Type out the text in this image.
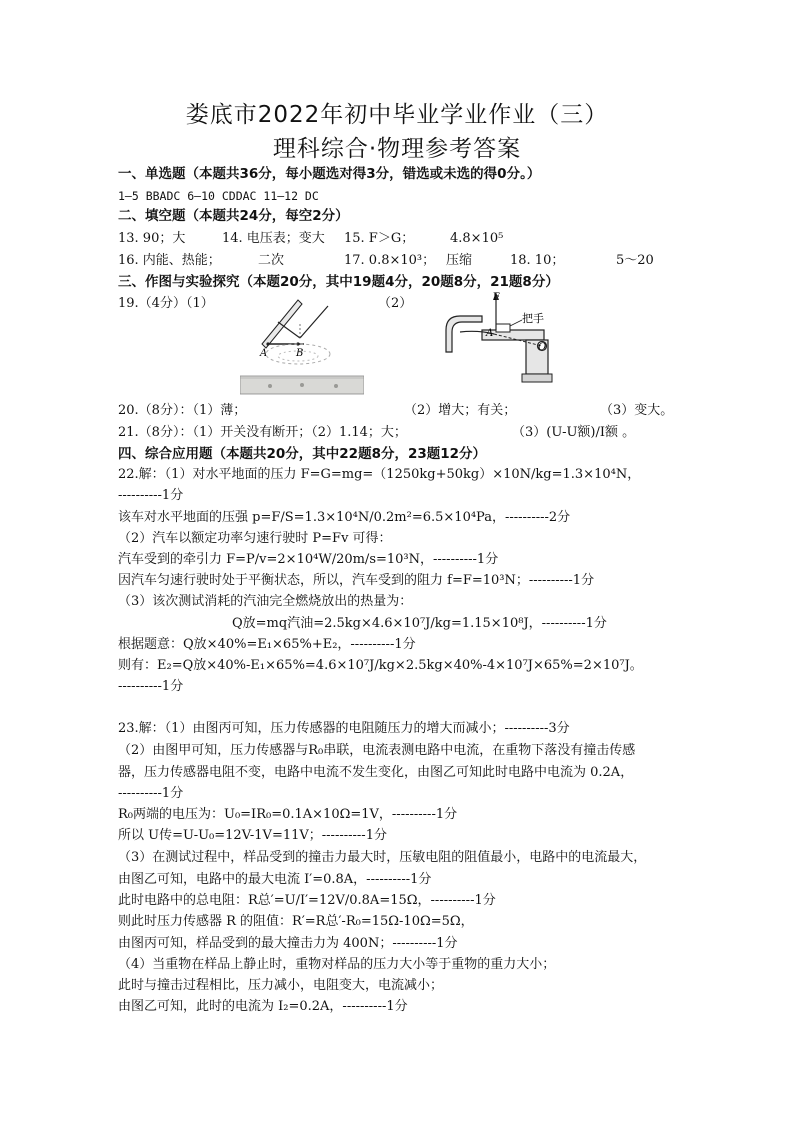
娄底市2022年初中毕业学业作业（三）
理科综合·物理参考答案
一、单选题（本题共36分，每小题选对得3分，错选或未选的得0分。）
1—5 BBADC 6—10 CDDAC 11—12 DC
二、填空题（本题共24分，每空2分）
13. 90；大	14. 电压表；变大 15. F＞G；	4.8×10⁵
16. 内能、热能；	二次	17. 0.8×10³； 压缩	18. 10；	5～20
三、作图与实验探究（本题20分，其中19题4分，20题8分，21题8分）
19.（4分）（1）	（2）
A	B
F
A
O
把手
20.（8分）：（1）薄；	（2）增大；有关；	（3）变大。
21.（8分）：（1）开关没有断开；（2）1.14；大；	（3）(U-U额)/I额 。
四、综合应用题（本题共20分，其中22题8分，23题12分）
22.解：（1）对水平地面的压力 F=G=mg=（1250kg+50kg）×10N/kg=1.3×10⁴N，
----------1分
该车对水平地面的压强 p=F/S=1.3×10⁴N/0.2m²=6.5×10⁴Pa，----------2分
（2）汽车以额定功率匀速行驶时 P=Fv 可得：
汽车受到的牵引力 F=P/v=2×10⁴W/20m/s=10³N，----------1分
因汽车匀速行驶时处于平衡状态，所以，汽车受到的阻力 f=F=10³N；----------1分
（3）该次测试消耗的汽油完全燃烧放出的热量为：
Q放=mq汽油=2.5kg×4.6×10⁷J/kg=1.15×10⁸J，----------1分
根据题意：Q放×40%=E₁×65%+E₂，----------1分
则有：E₂=Q放×40%-E₁×65%=4.6×10⁷J/kg×2.5kg×40%-4×10⁷J×65%=2×10⁷J。
----------1分
23.解：（1）由图丙可知，压力传感器的电阻随压力的增大而减小；----------3分
（2）由图甲可知，压力传感器与R₀串联，电流表测电路中电流，在重物下落没有撞击传感
器，压力传感器电阻不变，电路中电流不发生变化，由图乙可知此时电路中电流为 0.2A，
----------1分
R₀两端的电压为：U₀=IR₀=0.1A×10Ω=1V，----------1分
所以 U传=U-U₀=12V-1V=11V；----------1分
（3）在测试过程中，样品受到的撞击力最大时，压敏电阻的阻值最小，电路中的电流最大，
由图乙可知，电路中的最大电流 I′=0.8A，----------1分
此时电路中的总电阻：R总′=U/I′=12V/0.8A=15Ω，----------1分
则此时压力传感器 R 的阻值：R′=R总′-R₀=15Ω-10Ω=5Ω，
由图丙可知，样品受到的最大撞击力为 400N；----------1分
（4）当重物在样品上静止时，重物对样品的压力大小等于重物的重力大小；
此时与撞击过程相比，压力减小，电阻变大，电流减小；
由图乙可知，此时的电流为 I₂=0.2A，----------1分
